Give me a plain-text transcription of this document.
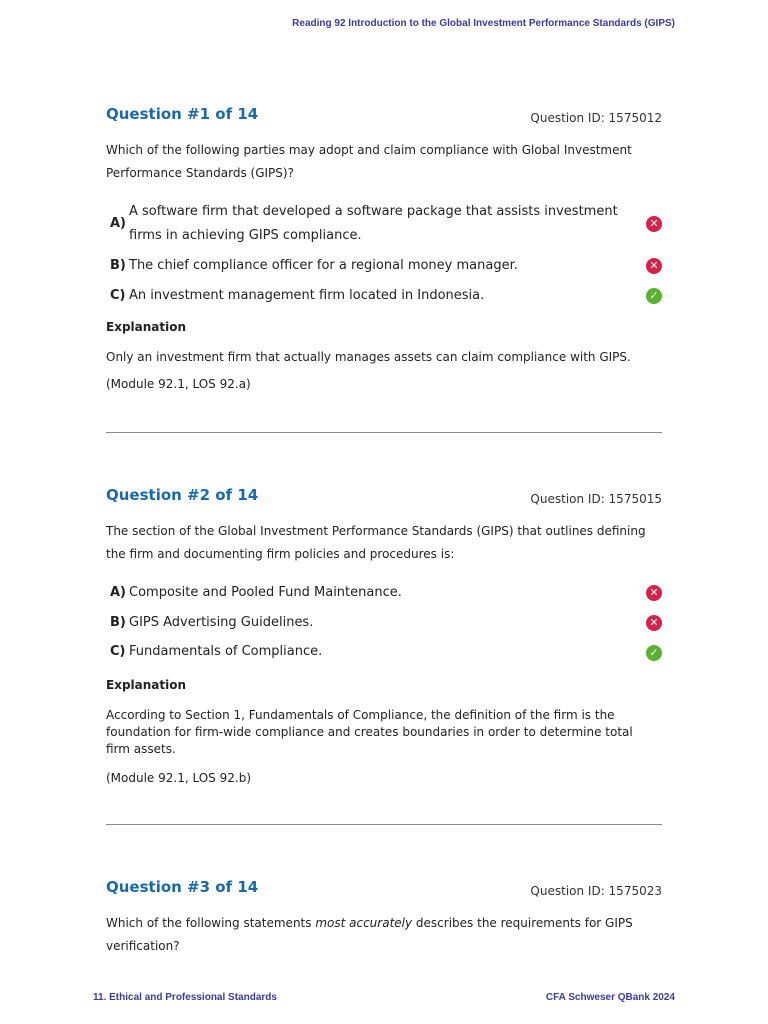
Reading 92 Introduction to the Global Investment Performance Standards (GIPS)
Question #1 of 14	Question ID: 1575012
Which of the following parties may adopt and claim compliance with Global Investment Performance Standards (GIPS)?
A)
A software firm that developed a software package that assists investment firms in achieving GIPS compliance.
✕
B) The chief compliance officer for a regional money manager.	✕
C) An investment management firm located in Indonesia.	✓
Explanation
Only an investment firm that actually manages assets can claim compliance with GIPS.
(Module 92.1, LOS 92.a)
Question #2 of 14	Question ID: 1575015
The section of the Global Investment Performance Standards (GIPS) that outlines defining the firm and documenting firm policies and procedures is:
A) Composite and Pooled Fund Maintenance.	✕
B) GIPS Advertising Guidelines.	✕
C) Fundamentals of Compliance.	✓
Explanation
According to Section 1, Fundamentals of Compliance, the definition of the firm is the foundation for firm-wide compliance and creates boundaries in order to determine total firm assets.
(Module 92.1, LOS 92.b)
Question #3 of 14	Question ID: 1575023
Which of the following statements most accurately describes the requirements for GIPS verification?
11. Ethical and Professional Standards	CFA Schweser QBank 2024
